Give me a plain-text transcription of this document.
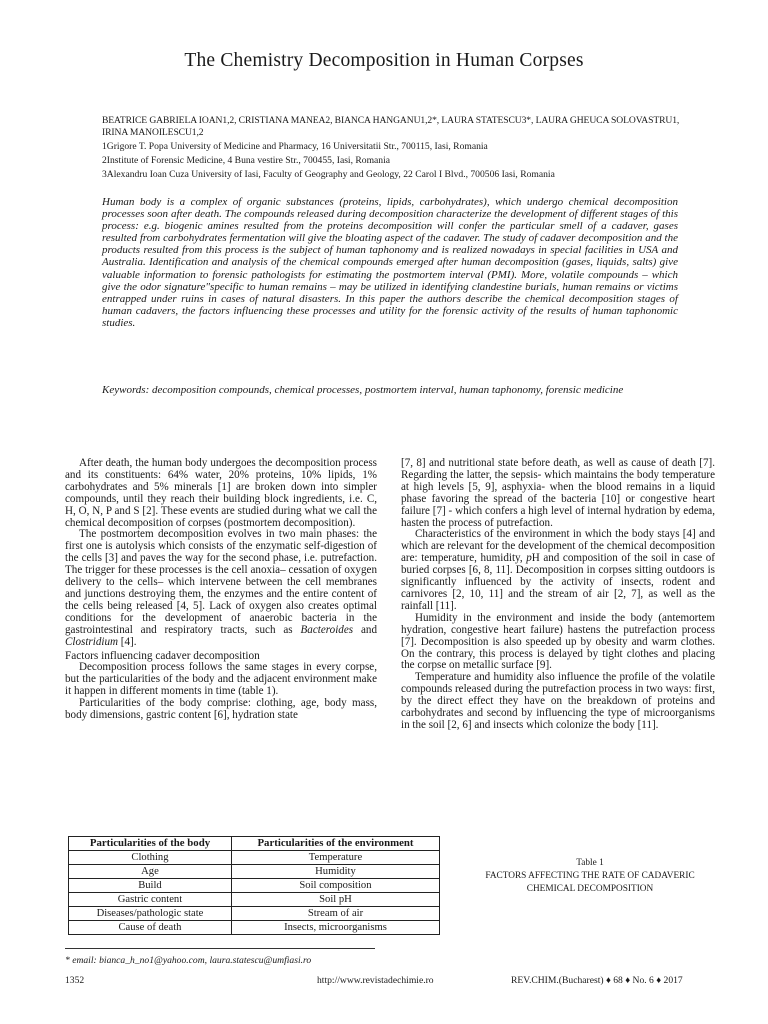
The Chemistry Decomposition in Human Corpses
BEATRICE GABRIELA IOAN1,2, CRISTIANA MANEA2, BIANCA HANGANU1,2*, LAURA STATESCU3*, LAURA GHEUCA SOLOVASTRU1,
IRINA MANOILESCU1,2
1Grigore T. Popa University of Medicine and Pharmacy, 16 Universitatii Str., 700115, Iasi, Romania
2Institute of Forensic Medicine, 4 Buna vestire Str., 700455, Iasi, Romania
3Alexandru Ioan Cuza University of Iasi, Faculty of Geography and Geology, 22 Carol I Blvd., 700506 Iasi, Romania
Human body is a complex of organic substances (proteins, lipids, carbohydrates), which undergo chemical decomposition processes soon after death. The compounds released during decomposition characterize the development of different stages of this process: e.g. biogenic amines resulted from the proteins decomposition will confer the particular smell of a cadaver, gases resulted from carbohydrates fermentation will give the bloating aspect of the cadaver. The study of cadaver decomposition and the products resulted from this process is the subject of human taphonomy and is realized nowadays in special facilities in USA and Australia. Identification and analysis of the chemical compounds emerged after human decomposition (gases, liquids, salts) give valuable information to forensic pathologists for estimating the postmortem interval (PMI). More, volatile compounds – which give the odor signature"specific to human remains – may be utilized in identifying clandestine burials, human remains or victims entrapped under ruins in cases of natural disasters. In this paper the authors describe the chemical decomposition stages of human cadavers, the factors influencing these processes and utility for the forensic activity of the results of human taphonomic studies.
Keywords: decomposition compounds, chemical processes, postmortem interval, human taphonomy, forensic medicine

After death, the human body undergoes the decomposition process and its constituents: 64% water, 20% proteins, 10% lipids, 1% carbohydrates and 5% minerals [1] are broken down into simpler compounds, until they reach their building block ingredients, i.e. C, H, O, N, P and S [2]. These events are studied during what we call the chemical decomposition of corpses (postmortem decomposition).

The postmortem decomposition evolves in two main phases: the first one is autolysis which consists of the enzymatic self-digestion of the cells [3] and paves the way for the second phase, i.e. putrefaction. The trigger for these processes is the cell anoxia– cessation of oxygen delivery to the cells– which intervene between the cell membranes and junctions destroying them, the enzymes and the entire content of the cells being released [4, 5]. Lack of oxygen also creates optimal conditions for the development of anaerobic bacteria in the gastrointestinal and respiratory tracts, such as Bacteroides and Clostridium [4].

Factors influencing cadaver decomposition

Decomposition process follows the same stages in every corpse, but the particularities of the body and the adjacent environment make it happen in different moments in time (table 1).

Particularities of the body comprise: clothing, age, body mass, body dimensions, gastric content [6], hydration state

[7, 8] and nutritional state before death, as well as cause of death [7]. Regarding the latter, the sepsis- which maintains the body temperature at high levels [5, 9], asphyxia- when the blood remains in a liquid phase favoring the spread of the bacteria [10] or congestive heart failure [7] - which confers a high level of internal hydration by edema, hasten the process of putrefaction.

Characteristics of the environment in which the body stays [4] and which are relevant for the development of the chemical decomposition are: temperature, humidity, pH and composition of the soil in case of buried corpses [6, 8, 11]. Decomposition in corpses sitting outdoors is significantly influenced by the activity of insects, rodent and carnivores [2, 10, 11] and the stream of air [2, 7], as well as the rainfall [11].

Humidity in the environment and inside the body (antemortem hydration, congestive heart failure) hastens the putrefaction process [7]. Decomposition is also speeded up by obesity and warm clothes. On the contrary, this process is delayed by tight clothes and placing the corpse on metallic surface [9].

Temperature and humidity also influence the profile of the volatile compounds released during the putrefaction process in two ways: first, by the direct effect they have on the breakdown of proteins and carbohydrates and second by influencing the type of microorganisms in the soil [2, 6] and insects which colonize the body [11].

Particularities of the body	Particularities of the environment
Clothing	Temperature
Age	Humidity
Build	Soil composition
Gastric content	Soil pH
Diseases/pathologic state	Stream of air
Cause of death	Insects, microorganisms
Table 1
FACTORS AFFECTING THE RATE OF CADAVERIC
CHEMICAL DECOMPOSITION
* email: bianca_h_no1@yahoo.com, laura.statescu@umfiasi.ro
1352	http://www.revistadechimie.ro	REV.CHIM.(Bucharest) ♦ 68 ♦ No. 6 ♦ 2017
